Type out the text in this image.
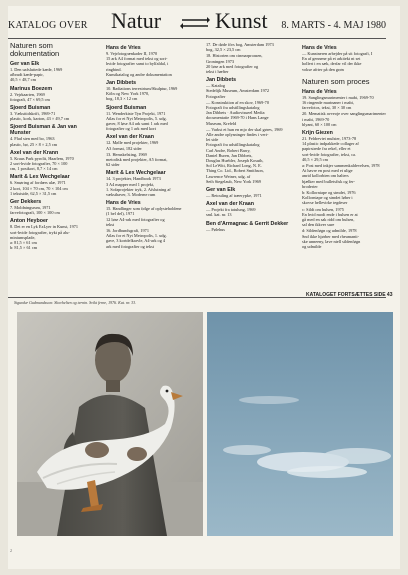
KATALOG OVER Natur Kunst 8. MARTS - 4. MAJ 1980
Naturen som dokumentation
Ger van Elk
1. Den uafsluttede kæde, 1969
afbrudt kæde-papir,
40,5 × 48,7 cm
Marinus Boezem
2. Vejrkaarten, 1969
fotografi, 47 × 69,5 cm
Sjoerd Buisman
3. Væksttidskrift, 1969-71
plastic, kork, karton, 43 × 49,7 cm
Sjoerd Buisman & Jan van Munster
4. Flad sten med bo, 1963
plastic, bø, 25 × 8 × 2,5 cm
Axel van der Krann
5. Kraus Park pyrolit, Haarlem, 1970
2 sort-hvide fotografier, 70 × 100
cm, 1 postkort, 8,7 × 14 cm
Marit & Lex Wechgelaar
6. Smøring af fordærs ulæ, 1971
2 kort, 104 × 70 cm, 70 × 104 cm
1 tekstside, 62,5 × 31,5 cm
Ger Dekkers
7. Moldningsrum, 1971
farvefotografi, 100 × 100 cm
Anton Heyboer
8. Det er en Lyk ExLyer in Kunst, 1971
sort-hvide fotografier, trykt på alu-
miniumsplade,
a: 81,5 × 61 cm
b: 81,5 × 61 cm
Hans de Vries
9. Vejrfotogrænkader II, 1970
15 ark A4 format med tekst og sort-
hvide fotografier samt to bylfaldal, i
ringbind.
Kunstkatalog og andre dokumentation
Jan Dibbets
10. Radiations terrestrium/Skulptur, 1969
Köln og New York 1970,
bog, 18,3 × 12 cm
Sjoerd Buisman
11. Wenderkiste Tyn Projekt, 1971
Atlas for et Nyt Metropolis, 5. udg.
gaver, 8 løse A4 ark samt 1 ark med
fotografier og 1 ark med kort
Axel van der Kraan
12. Mølle med projekter, 1969
A3 format, 182 sider
13. Hemskelsting, 1969
metodisk med projekter, A5 format,
62 sider
Marit & Lex Wechgelaar
14. 3 projekter, Handbook 1973
3 A4 mapper med 1 projekt,
1. Sofaprojekter tryk, 2. Afslutning af
væksthaver, 3. Moderne rum
Hans de Vries
15. Handlinger som følge af oplysteholdene
(1 bel del), 1971
12 løse A4-ark med fotografier og
tekst
16. Jordbundsgrafi, 1971
Atlas for et Nyt Metropolis, 1. udg.
gave, 3 kortdelkarvle, A4-ark og 4
ark med fotografier og tekst
17. De døde fórs bog, Amsterdam 1973
bog, 32,5 × 23,5 cm
18. Historien om cinmarproasen,
Groningen 1973
20 løse ark med fotografier og
tekst i hæfter
Jan Dibbets
— Katalog
Stedelijk Museum, Amsterdam 1972
Fotografier
— Konstruktion af en skov, 1969-70
Fotografi fra udstillingskatalog
Jan Dibbets · Audiovisueel Media
documentatie 1969-70 i Hans Lange
Museum, Krefeld
— Varkst et hun en mjo der skal gøres, 1969
Alle andre oplysninger findes i vert-
let side
Fotografi fra udstillingskatalog
Carl Andre, Robert Barry,
Daniel Buren, Jan Dibbets,
Douglas Huebler, Joseph Kosuth,
Sol LeWitt, Richard Long, N. E.
Thing Co. Ltd., Robert Smithson,
Lawrence Weiner, udg. af
Seth Siegelaub, New York 1969
Ger van Elk
— Retouling af træerypke, 1971
Axel van der Kraan
— Projekt fra tatulung, 1969
sml. kat. nr. 13
Ben d'Armagnac & Gerrit Dekker
— Pølehus
Hans de Vries
— Kunstneren arbejder på sit fotografi, I
En af gennene på et arkitekt nt set
hollert i en sæk, derfar vil der ikke
vokse afrter på den grøn
Naturen som proces
Hans de Vries
19. Sanglingsmarimenter i mabi, 1969-70
16 ringende marinaner i mabi,
farvefotos, tekst, 30 × 30 cm
20. Mematisk avveoje over sanglingsmarimenter
i mabi, 1969-70
blyant, 60 × 100 cm
Krijn Giezen
21. Feldreviet mulster, 1973-78
14 plastic indpakkede collager af
papirstrede fra rekel, eller et
sort-hvide fotografier, tekst, ca.
40,5 × 29,5 cm
a: Post med inkjer sammenkaldevelsen, 1978
At havre en post med et ulige
anrid kollorbien om halters
bjælker med bulletsfisk og fer-
broderier
b: Kollorniape og stmdet, 1976
Kollorniape og stmdet løber i
skovse hellevirke tegdeser
c: Sildt om hulsen, 1975
En hvid modi ende i bulsen er at
gå med en sak ridd om bulsen,
sal den ikkver sure
d: Sildenføgn og udmilde, 1978
Snd ikke hjørber med rheumanti-
ske unneeny, lave niell sildenføgn
og udmilde
Sigurdur Gudmundsson: Skovhelten og ternin. Svikt ferne, 1976. Kat. nr. 33.
KATALOGET FORTSÆTTES SIDE 43
2
